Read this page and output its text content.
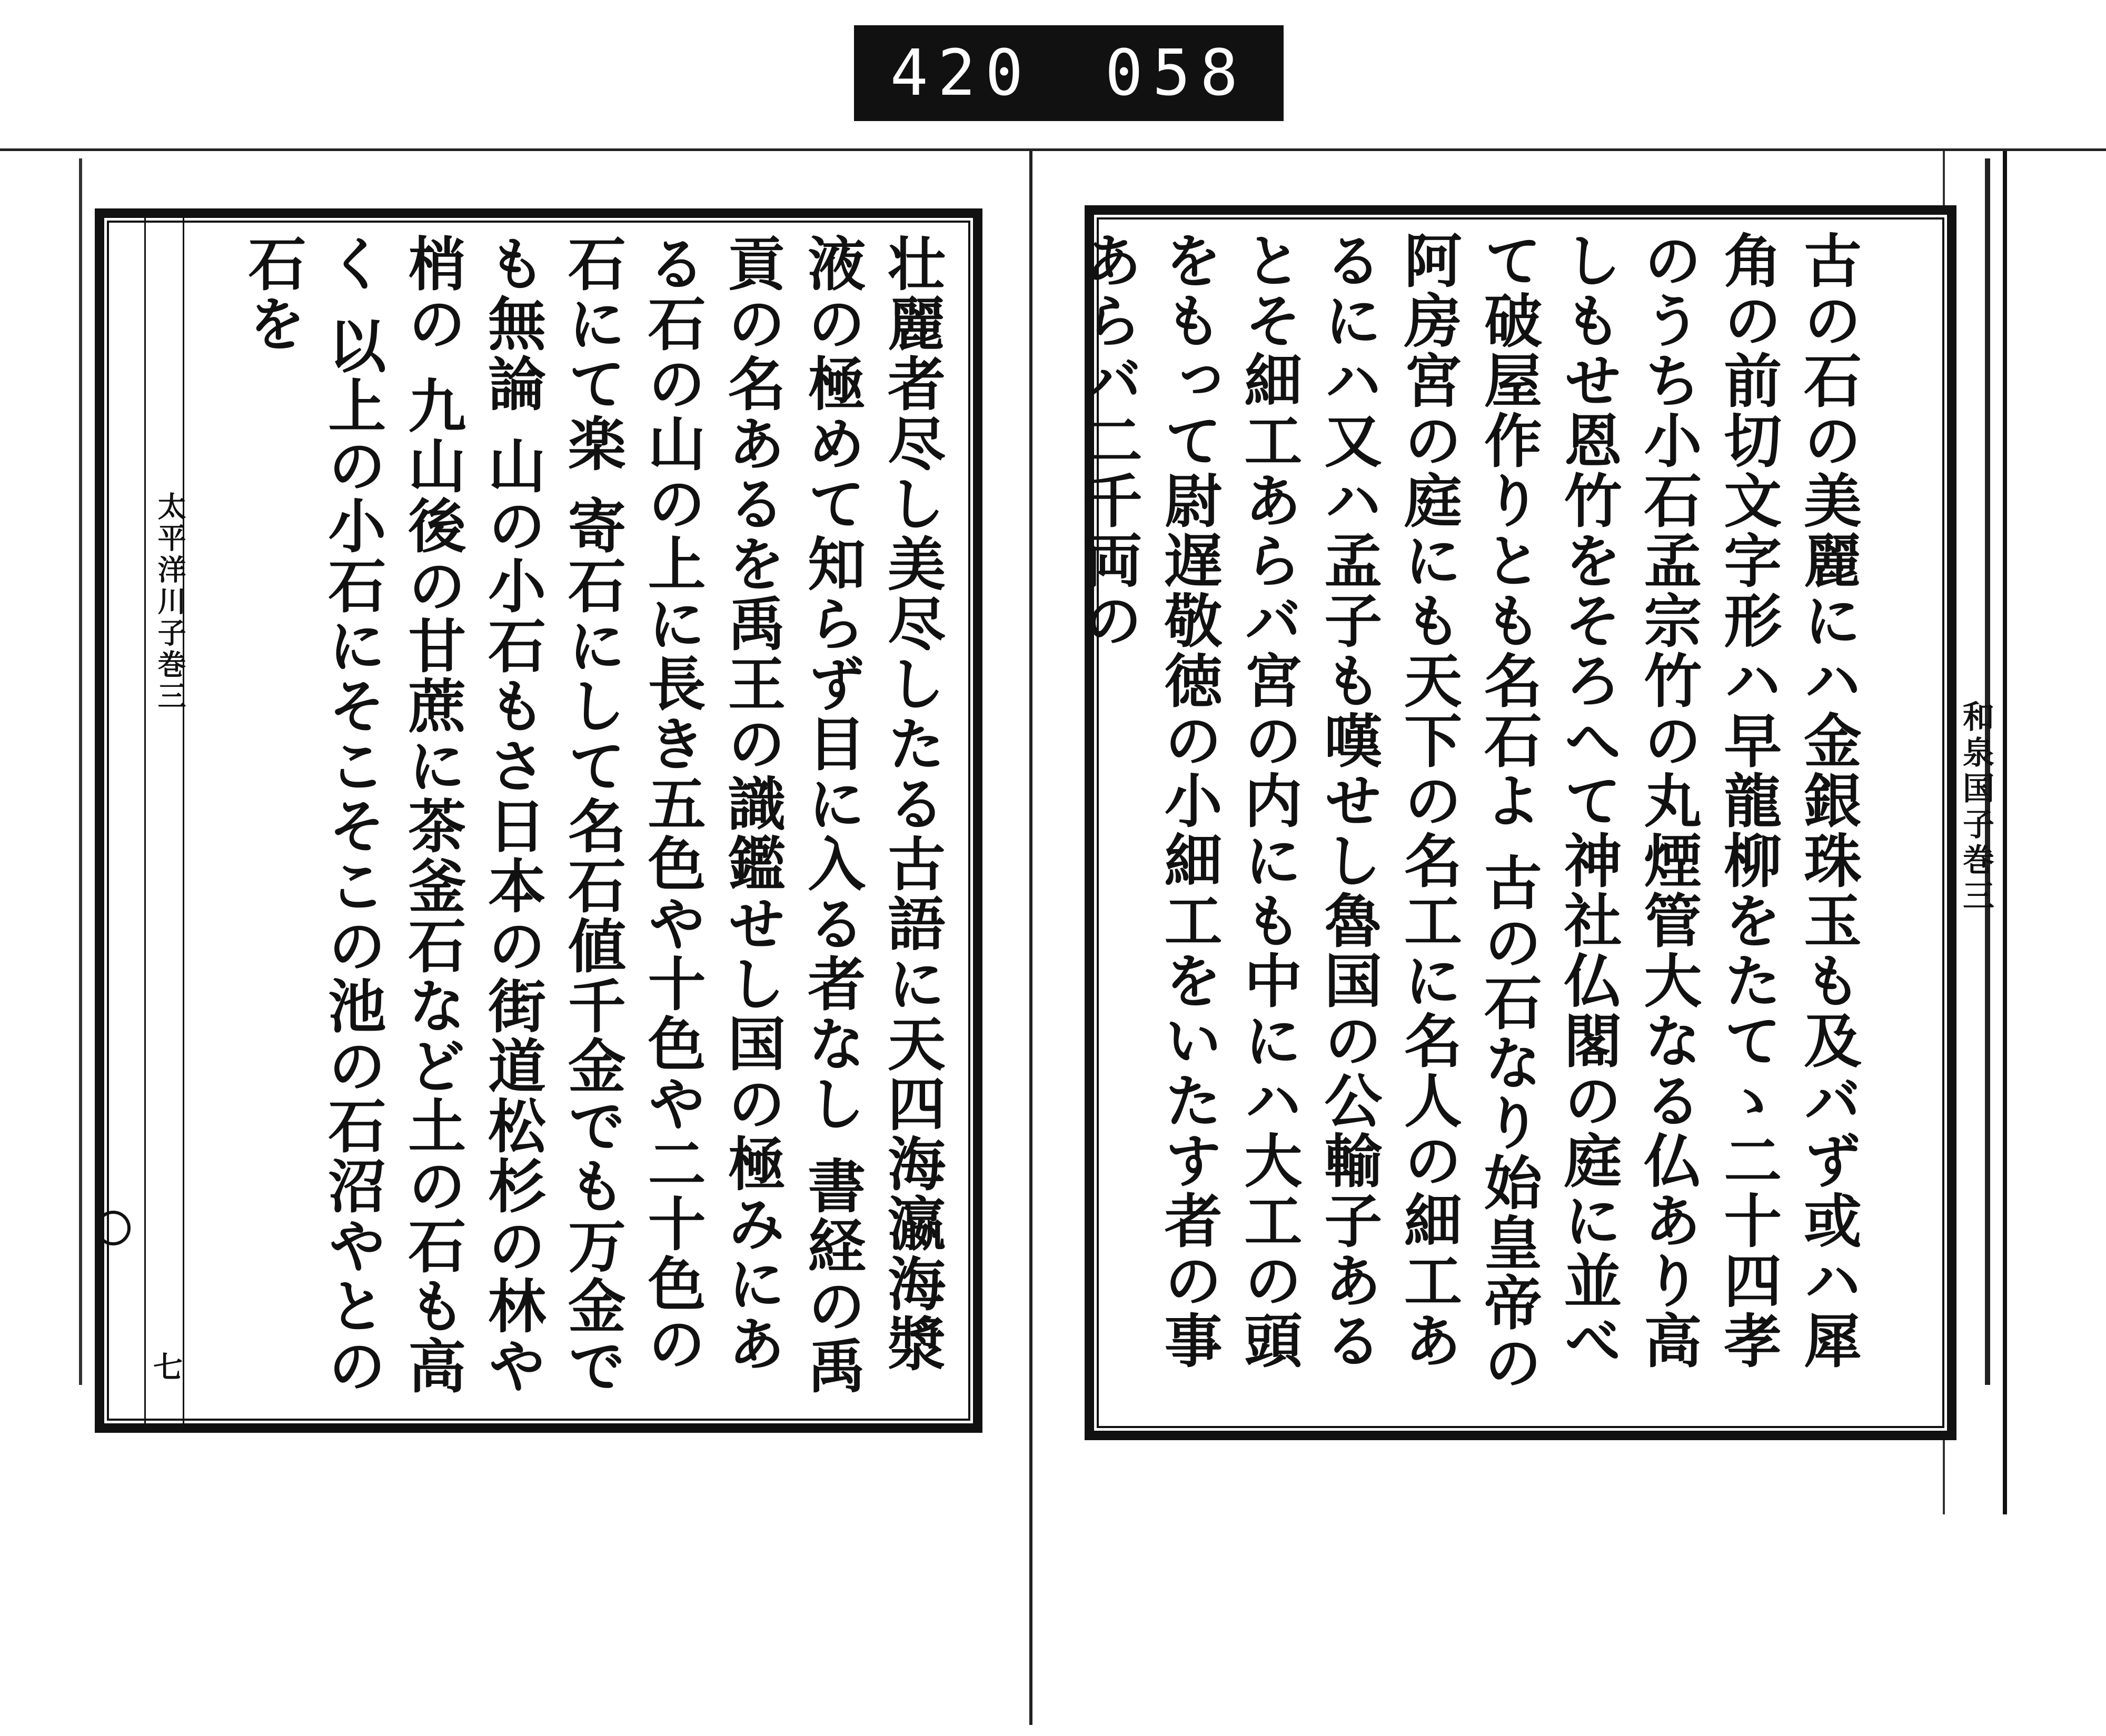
420 058
太平洋川子巻三
七	壮麗者尽し美尽したる古語に天四海瀛海漿液の極めて知らず目に入る者なし 書経の禹貢の名あるを禹王の識鑑せし国の極みにある石の山の上に長き五色や十色や二十色の石にて楽 寄石にして名石値千金でも万金でも無論 山の小石もさ日本の街道松杉の林や梢の 九山後の甘蔗に茶釜石など土の石も高く 以上の小石にそこそこの池の石沼やとの石を	古の石の美麗にハ金銀珠玉も及バず或ハ犀角の前切文字形ハ早龍柳をたてゝ二十四孝のうち小石孟宗竹の丸煙管大なる仏あり高しもせ恩竹をそろへて神社仏閣の庭に並べて破屋作りとも名石よ 古の石なり始皇帝の阿房宮の庭にも天下の名工に名人の細工あるにハ又ハ孟子も嘆せし魯国の公輸子あるとそ細工あらバ宮の内にも中にハ大工の頭をもって尉遅敬徳の小細工をいたす者の事あらバ二千両の
和泉国子巻三
